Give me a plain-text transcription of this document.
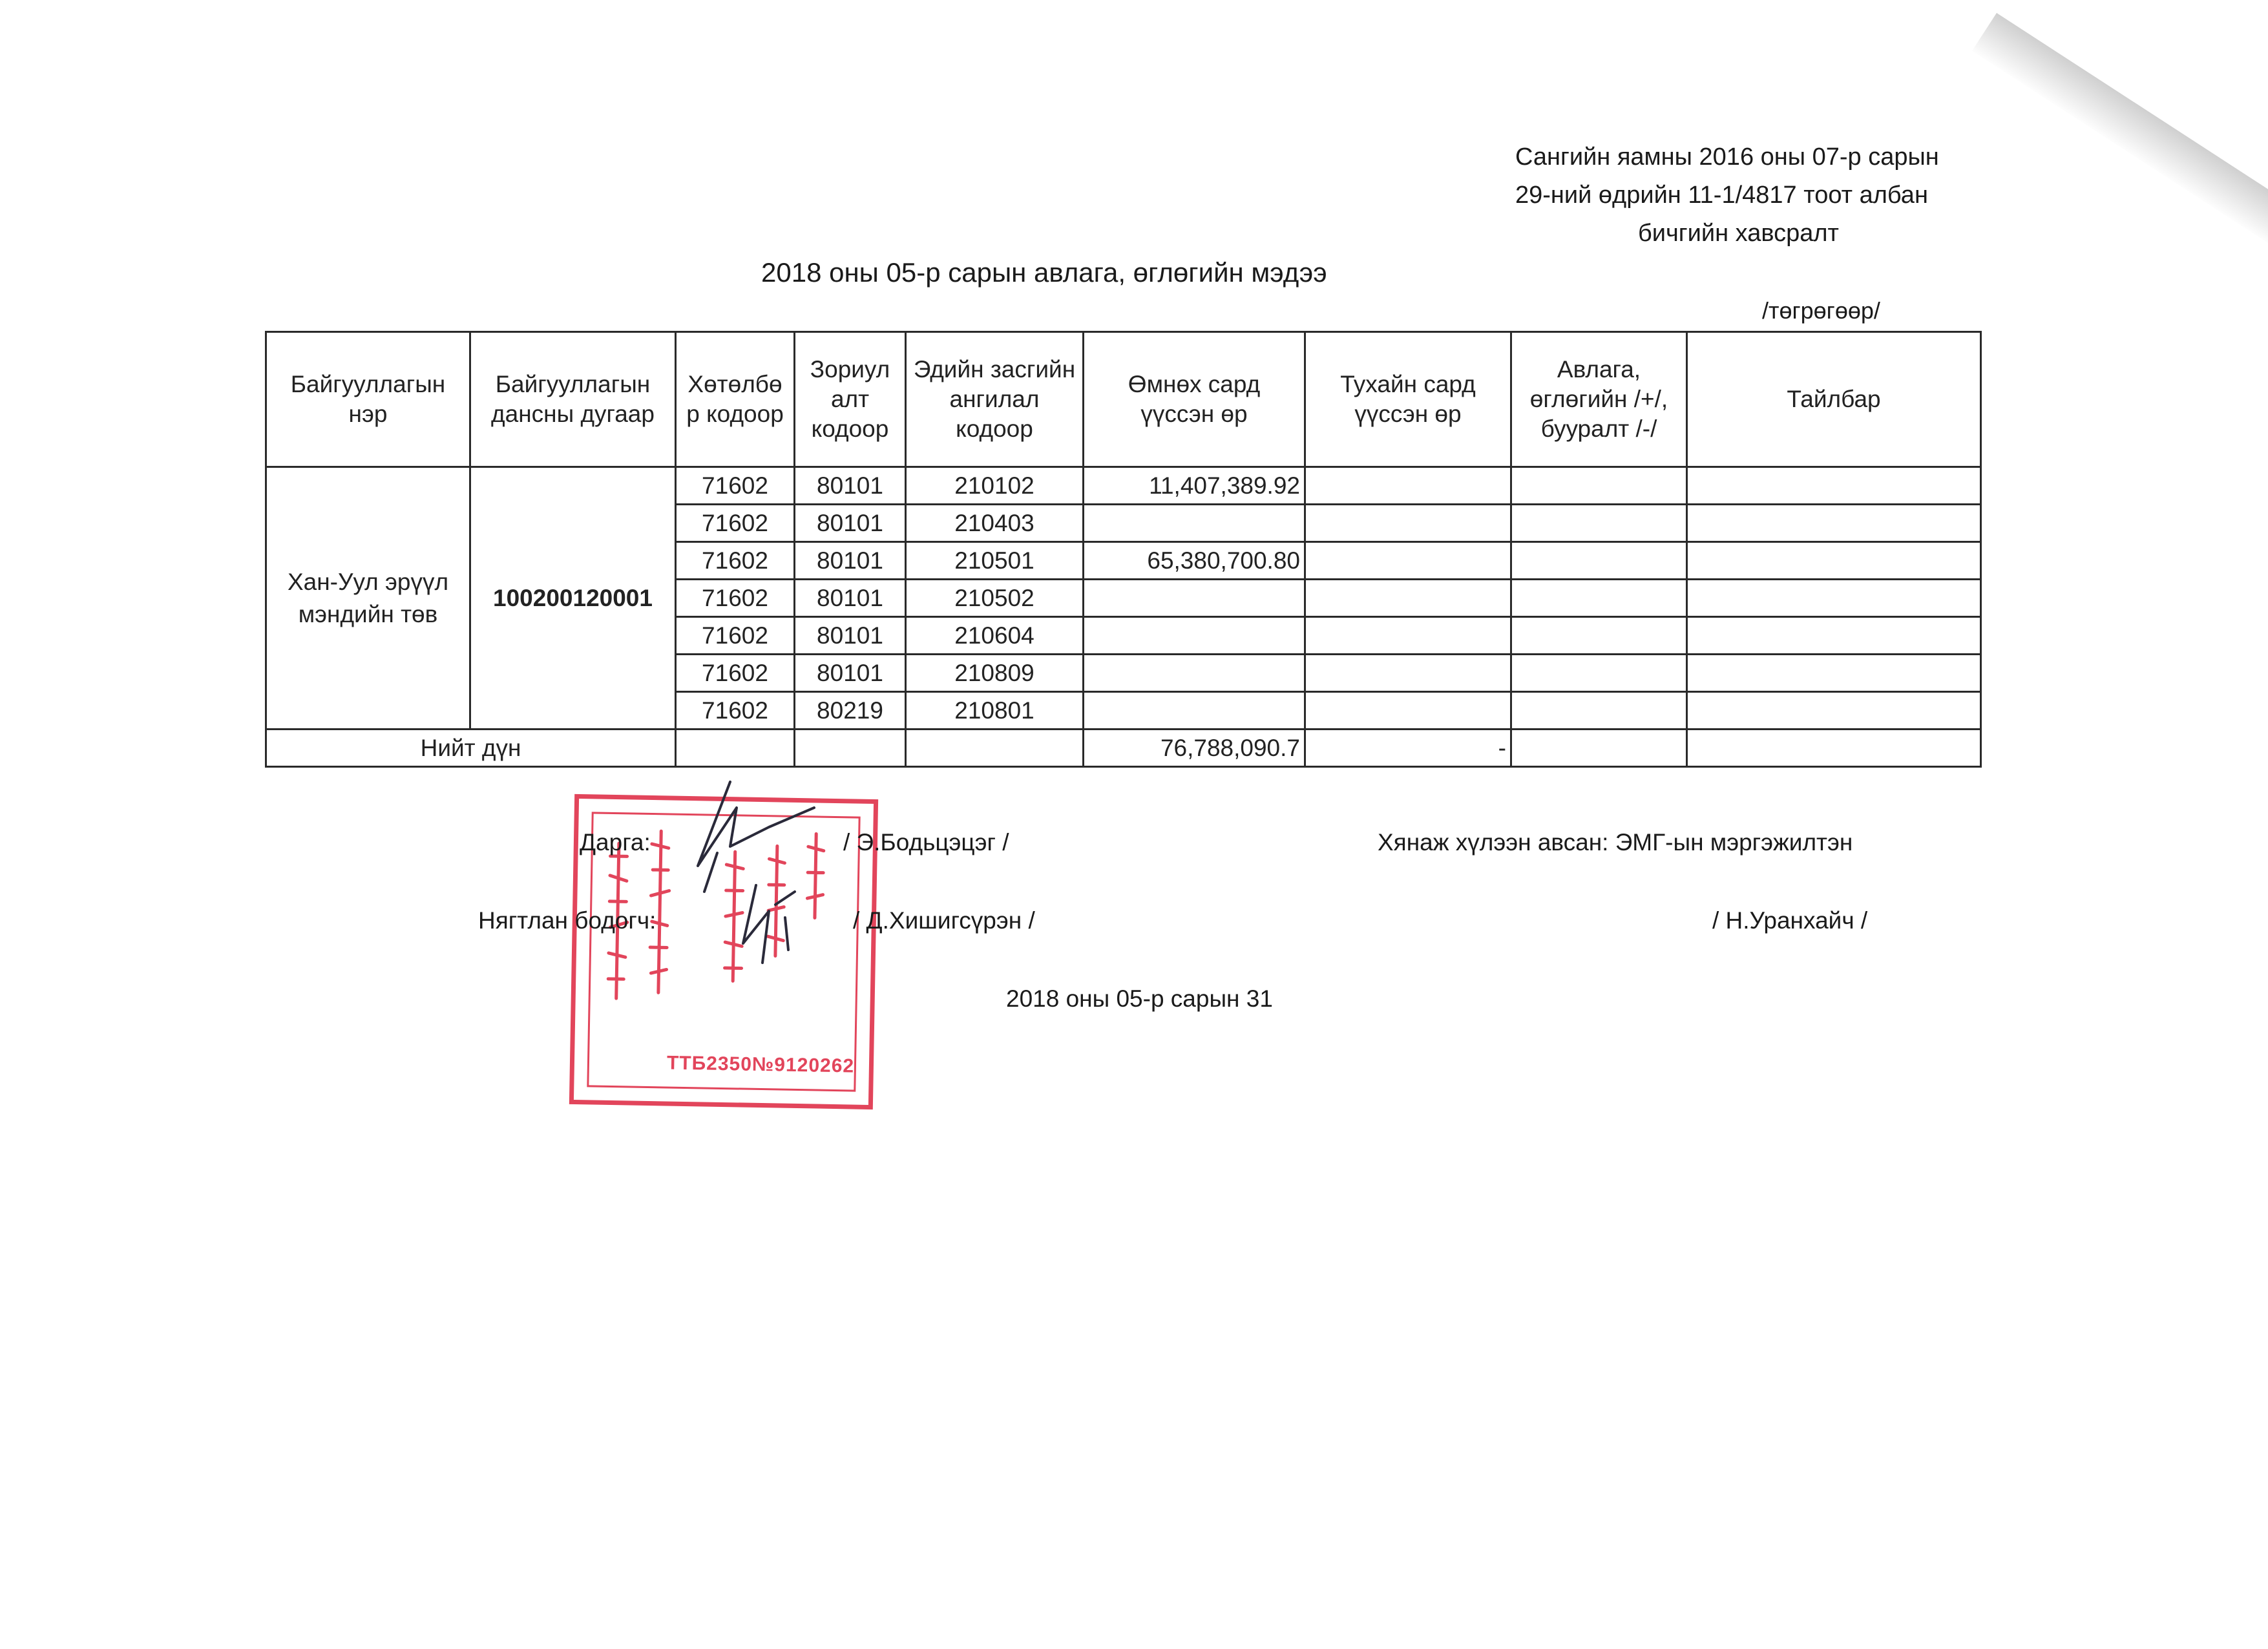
Сангийн яамны 2016 оны 07-р сарын
29-ний өдрийн 11-1/4817 тоот албан
бичгийн хавсралт
2018 оны 05-р сарын авлага, өглөгийн мэдээ
/төгрөгөөр/
Байгууллагын нэр	Байгууллагын дансны дугаар	Хөтөлбө р кодоор	Зориул алт кодоор	Эдийн засгийн ангилал кодоор	Өмнөх сард үүссэн өр	Тухайн сард үүссэн өр	Авлага, өглөгийн /+/, бууралт /-/	Тайлбар
Хан-Уул эрүүл мэндийн төв	100200120001	71602	80101	210102	11,407,389.92			
		71602	80101	210403				
		71602	80101	210501	65,380,700.80			
		71602	80101	210502				
		71602	80101	210604				
		71602	80101	210809				
		71602	80219	210801				
Нийт дүн					76,788,090.7	-		
ТТБ2350№9120262
Дарга:	/ Э.Бодьцэцэг /	Хянаж хүлээн авсан: ЭМГ-ын мэргэжилтэн
Нягтлан бодогч:	/ Д.Хишигсүрэн /	/ Н.Уранхайч /
2018 оны 05-р сарын 31
